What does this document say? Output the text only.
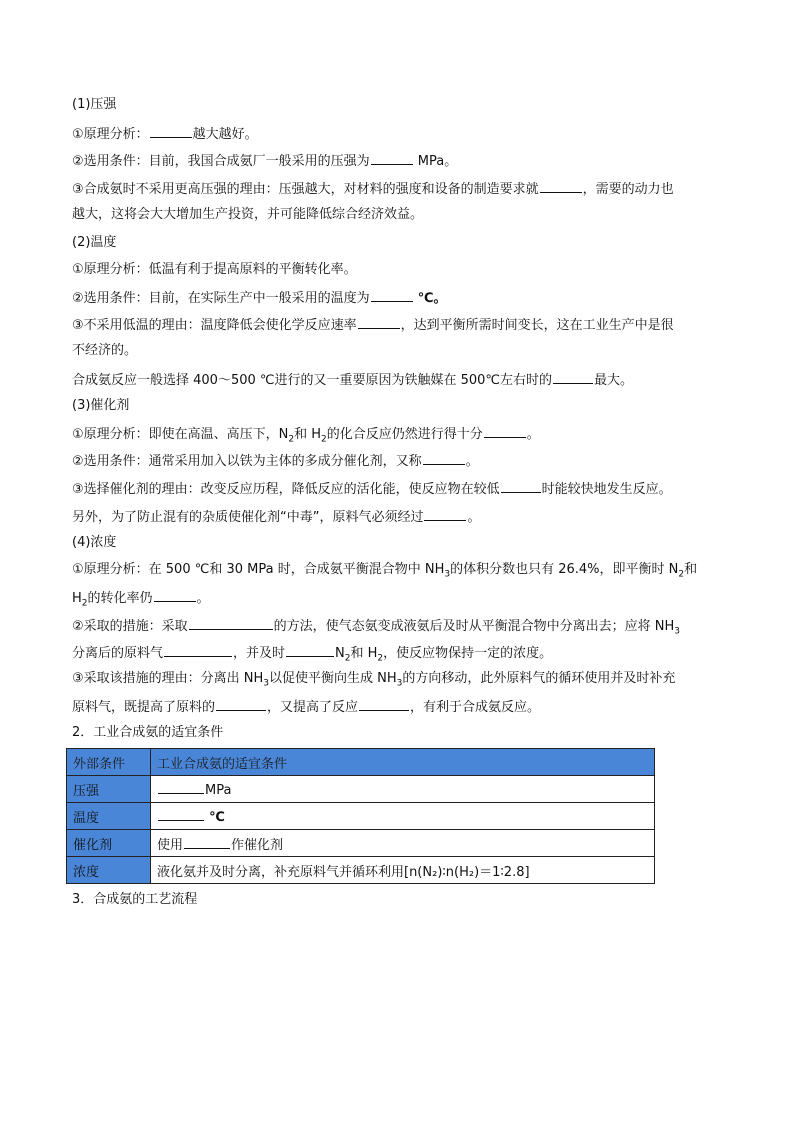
(1)压强
①原理分析：	越大越好。
②选用条件：目前，我国合成氨厂一般采用的压强为	MPa。
③合成氨时不采用更高压强的理由：压强越大，对材料的强度和设备的制造要求就	，需要的动力也
越大，这将会大大增加生产投资，并可能降低综合经济效益。
(2)温度
①原理分析：低温有利于提高原料的平衡转化率。
②选用条件：目前，在实际生产中一般采用的温度为	℃。
③不采用低温的理由：温度降低会使化学反应速率	，达到平衡所需时间变长，这在工业生产中是很
不经济的。
合成氨反应一般选择 400～500 ℃进行的又一重要原因为铁触媒在 500℃左右时的	最大。
(3)催化剂
①原理分析：即使在高温、高压下，$N_2$和 $H_2$的化合反应仍然进行得十分	。
②选用条件：通常采用加入以铁为主体的多成分催化剂，又称	。
③选择催化剂的理由：改变反应历程，降低反应的活化能，使反应物在较低	时能较快地发生反应。
另外，为了防止混有的杂质使催化剂“中毒”，原料气必须经过	。
(4)浓度
①原理分析：在 500 ℃和 30 MPa 时，合成氨平衡混合物中 $NH_3$的体积分数也只有 26.4%，即平衡时 $N_2$和
$H_2$的转化率仍	。
②采取的措施：采取	的方法，使气态氨变成液氨后及时从平衡混合物中分离出去；应将 $NH_3$
分离后的原料气	，并及时	$N_2$和 $H_2$，使反应物保持一定的浓度。
③采取该措施的理由：分离出 $NH_3$以促使平衡向生成 $NH_3$的方向移动，此外原料气的循环使用并及时补充
原料气，既提高了原料的	，又提高了反应	，有利于合成氨反应。
2．工业合成氨的适宜条件
外部条件	工业合成氨的适宜条件
压强	MPa
温度	℃
催化剂	使用 作催化剂
浓度	液化氨并及时分离，补充原料气并循环利用[n(N₂)∶n(H₂)＝1∶2.8]
3．合成氨的工艺流程
